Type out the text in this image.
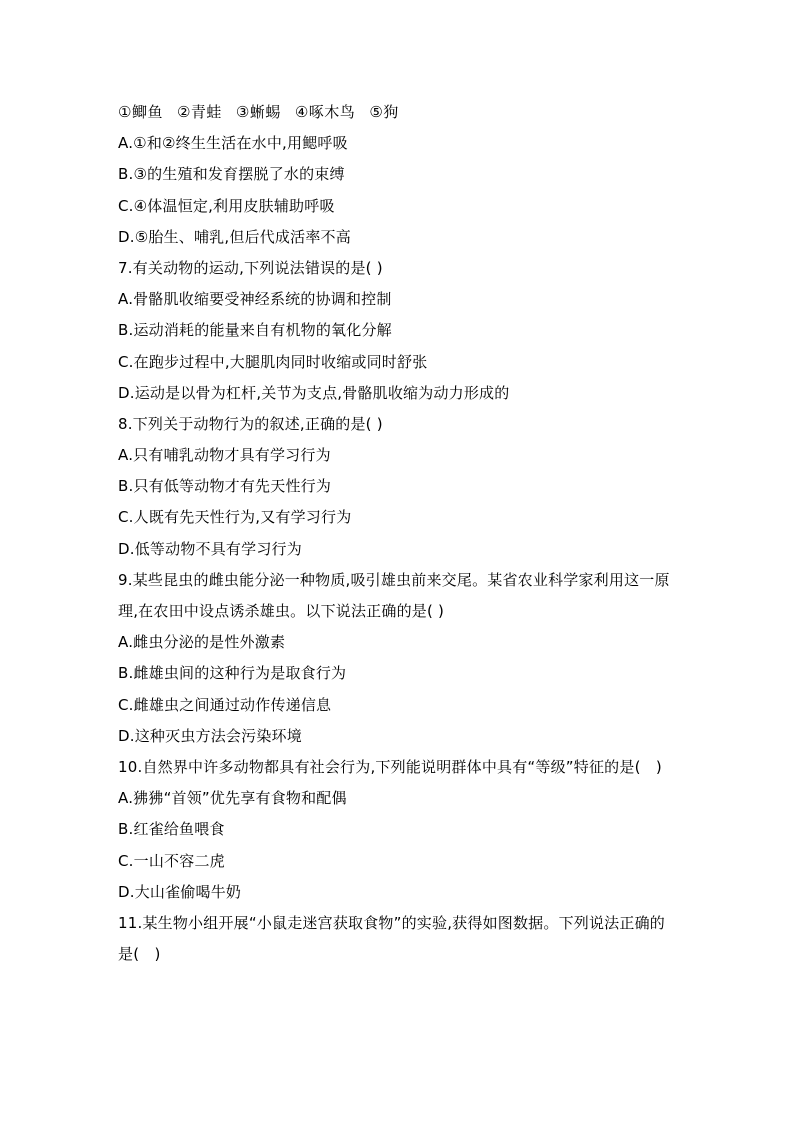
①鲫鱼 ②青蛙 ③蜥蜴 ④啄木鸟 ⑤狗
A.①和②终生生活在水中,用鳃呼吸
B.③的生殖和发育摆脱了水的束缚
C.④体温恒定,利用皮肤辅助呼吸
D.⑤胎生、哺乳,但后代成活率不高
7.有关动物的运动,下列说法错误的是( )
A.骨骼肌收缩要受神经系统的协调和控制
B.运动消耗的能量来自有机物的氧化分解
C.在跑步过程中,大腿肌肉同时收缩或同时舒张
D.运动是以骨为杠杆,关节为支点,骨骼肌收缩为动力形成的
8.下列关于动物行为的叙述,正确的是( )
A.只有哺乳动物才具有学习行为
B.只有低等动物才有先天性行为
C.人既有先天性行为,又有学习行为
D.低等动物不具有学习行为
9.某些昆虫的雌虫能分泌一种物质,吸引雄虫前来交尾。某省农业科学家利用这一原理,在农田中设点诱杀雄虫。以下说法正确的是( )
A.雌虫分泌的是性外激素
B.雌雄虫间的这种行为是取食行为
C.雌雄虫之间通过动作传递信息
D.这种灭虫方法会污染环境
10.自然界中许多动物都具有社会行为,下列能说明群体中具有“等级”特征的是(　)
A.狒狒“首领”优先享有食物和配偶
B.红雀给鱼喂食
C.一山不容二虎
D.大山雀偷喝牛奶
11.某生物小组开展“小鼠走迷宫获取食物”的实验,获得如图数据。下列说法正确的是(　)
